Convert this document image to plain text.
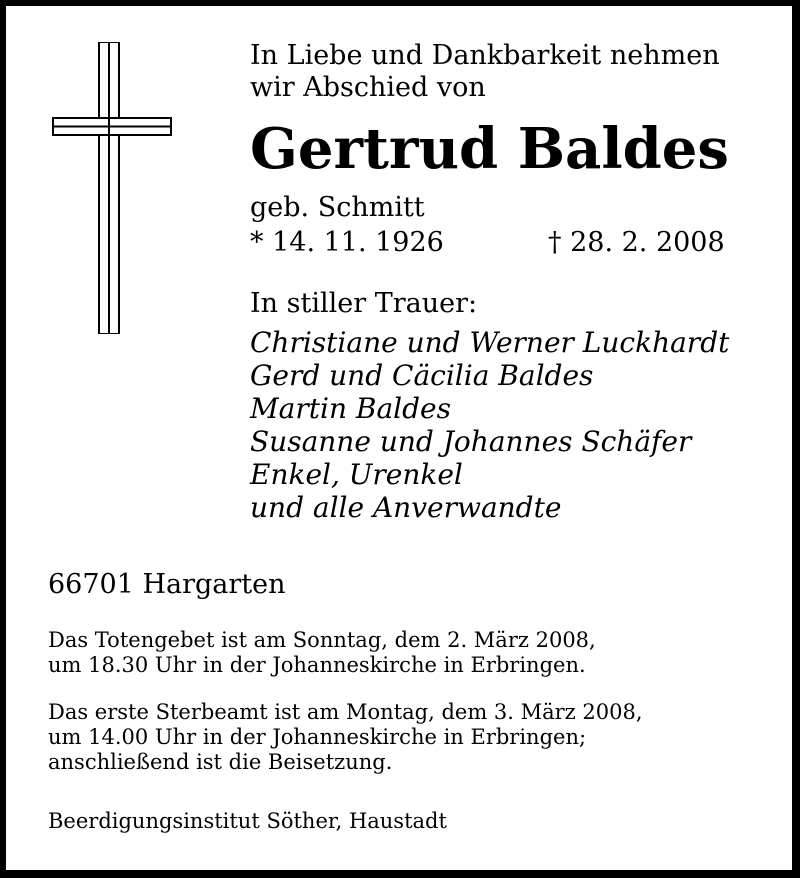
In Liebe und Dankbarkeit nehmen
wir Abschied von
Gertrud Baldes
geb. Schmitt
* 14. 11. 1926	† 28. 2. 2008
In stiller Trauer:
Christiane und Werner Luckhardt
Gerd und Cäcilia Baldes
Martin Baldes
Susanne und Johannes Schäfer
Enkel, Urenkel
und alle Anverwandte
66701 Hargarten
Das Totengebet ist am Sonntag, dem 2. März 2008,
um 18.30 Uhr in der Johanneskirche in Erbringen.
Das erste Sterbeamt ist am Montag, dem 3. März 2008,
um 14.00 Uhr in der Johanneskirche in Erbringen;
anschließend ist die Beisetzung.
Beerdigungsinstitut Söther, Haustadt
